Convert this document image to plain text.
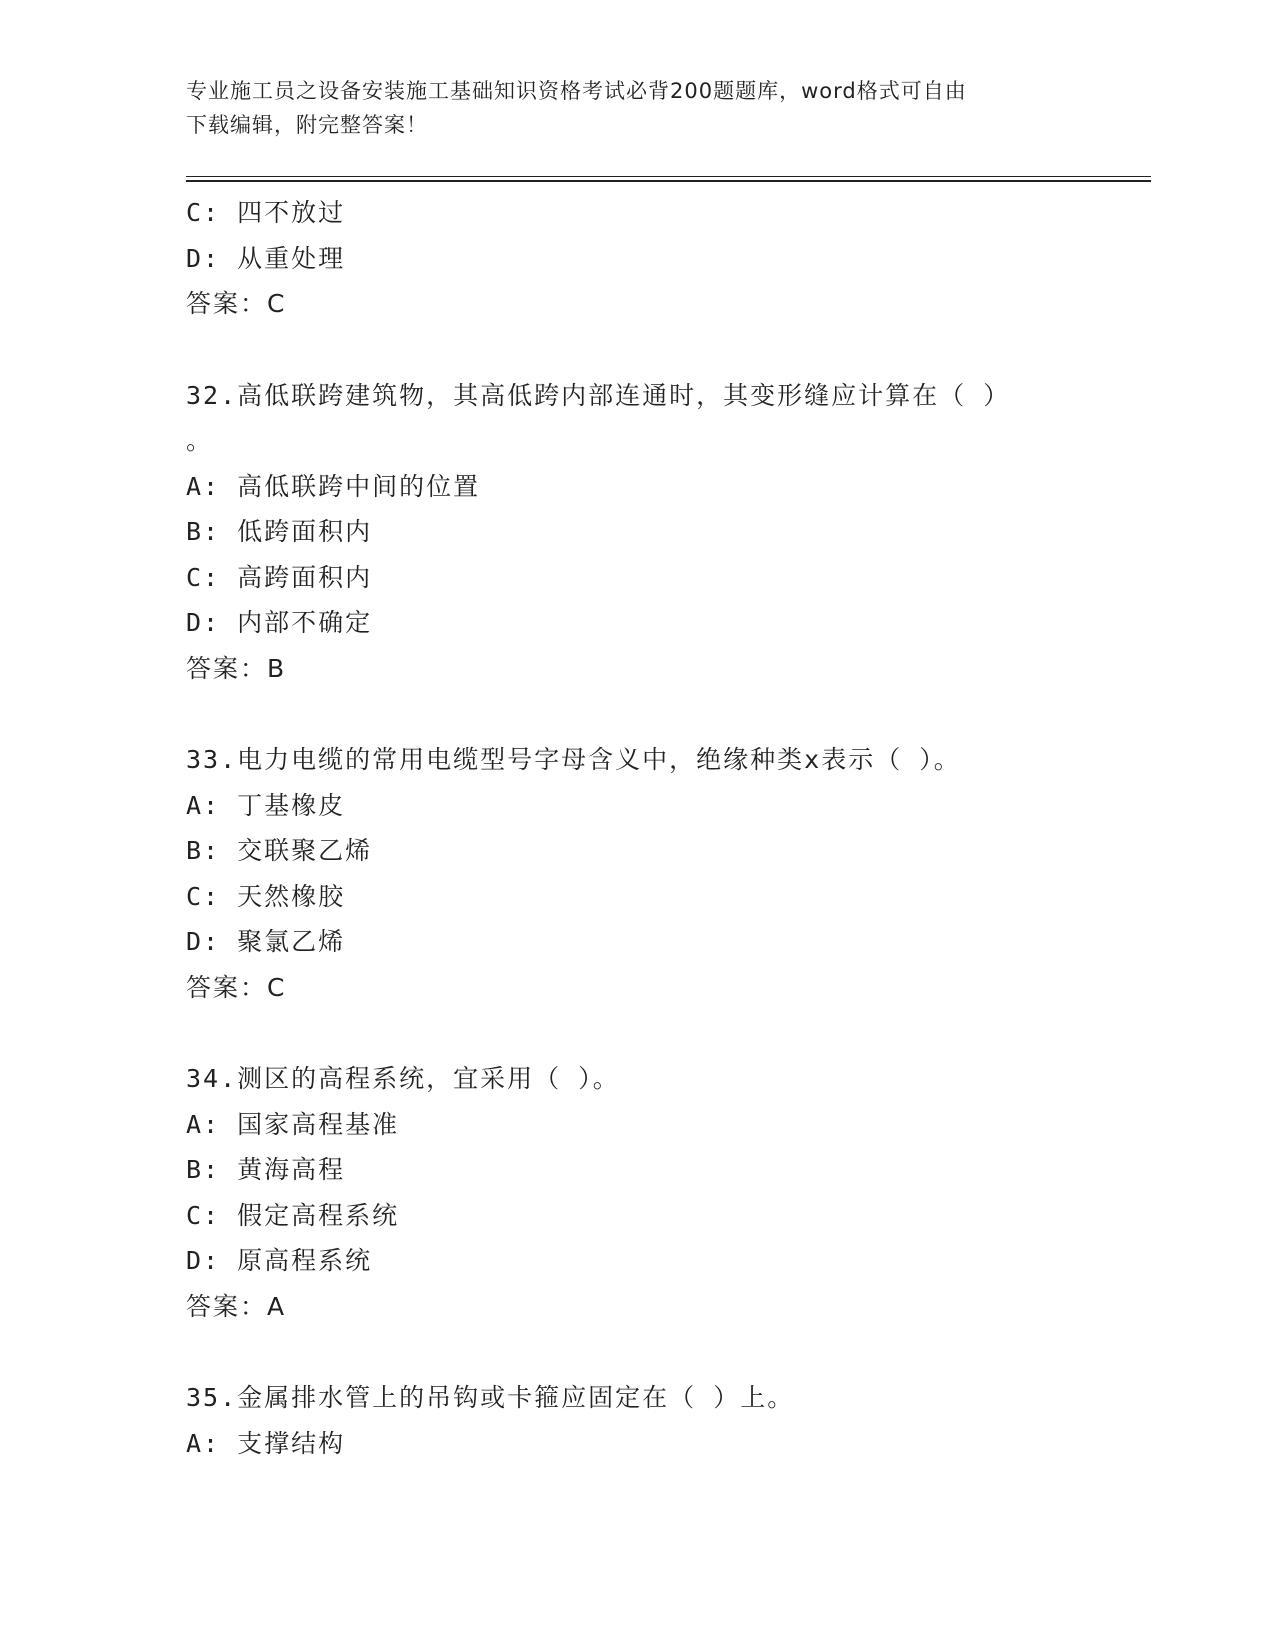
专业施工员之设备安装施工基础知识资格考试必背200题题库，word格式可自由
下载编辑，附完整答案！
C: 四不放过
D: 从重处理
答案：C
32.高低联跨建筑物，其高低跨内部连通时，其变形缝应计算在（ ）
。
A: 高低联跨中间的位置
B: 低跨面积内
C: 高跨面积内
D: 内部不确定
答案：B
33.电力电缆的常用电缆型号字母含义中，绝缘种类x表示（ ）。
A: 丁基橡皮
B: 交联聚乙烯
C: 天然橡胶
D: 聚氯乙烯
答案：C
34.测区的高程系统，宜采用（ ）。
A: 国家高程基准
B: 黄海高程
C: 假定高程系统
D: 原高程系统
答案：A
35.金属排水管上的吊钩或卡箍应固定在（ ）上。
A: 支撑结构
